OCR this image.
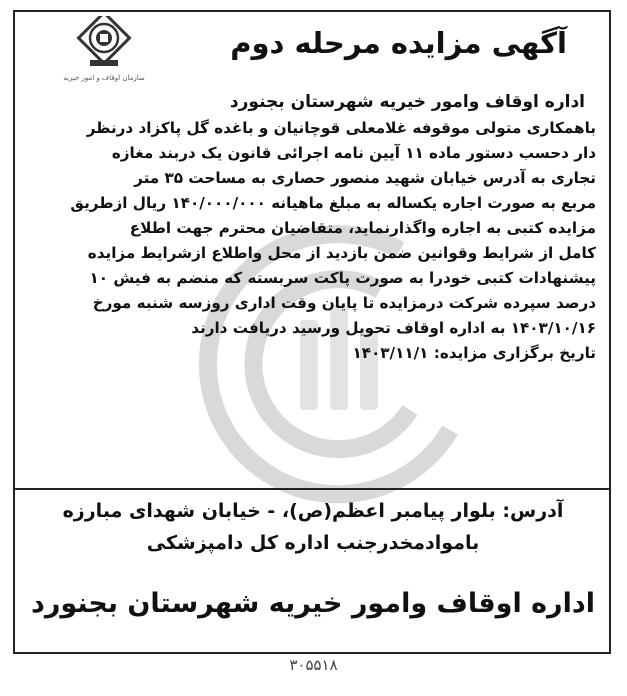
سازمان اوقاف و امور خیریه
آگهی مزایده مرحله دوم
اداره اوقاف وامور خیریه شهرستان بجنورد
باهمکاری متولی موقوفه غلامعلی قوچانیان و باغده گل پاکزاد درنظر
دار دحسب دستور ماده ۱۱ آیین نامه اجرائی قانون یک دربند مغازه
تجاری به آدرس خیابان شهید منصور حصاری به مساحت ۳۵ متر
مربع به صورت اجاره یکساله به مبلغ ماهیانه ۱۴۰/۰۰۰/۰۰۰ ریال ازطریق
مزایده کتبی به اجاره واگذارنماید، متقاضیان محترم جهت اطلاع
کامل از شرایط وقوانین ضمن بازدید از محل واطلاع ازشرایط مزایده
پیشنهادات کتبی خودرا به صورت پاکت سربسته که منضم به فیش ۱۰
درصد سپرده شرکت درمزایده تا پایان وقت اداری روزسه شنبه مورخ
۱۴۰۳/۱۰/۱۶ به اداره اوقاف تحویل ورسید دریافت دارند
تاریخ برگزاری مزایده: ۱۴۰۳/۱۱/۱
آدرس: بلوار پیامبر اعظم(ص)، - خیابان شهدای مبارزه
باموادمخدرجنب اداره کل دامپزشکی
اداره اوقاف وامور خیریه شهرستان بجنورد
۳۰۵۵۱۸
